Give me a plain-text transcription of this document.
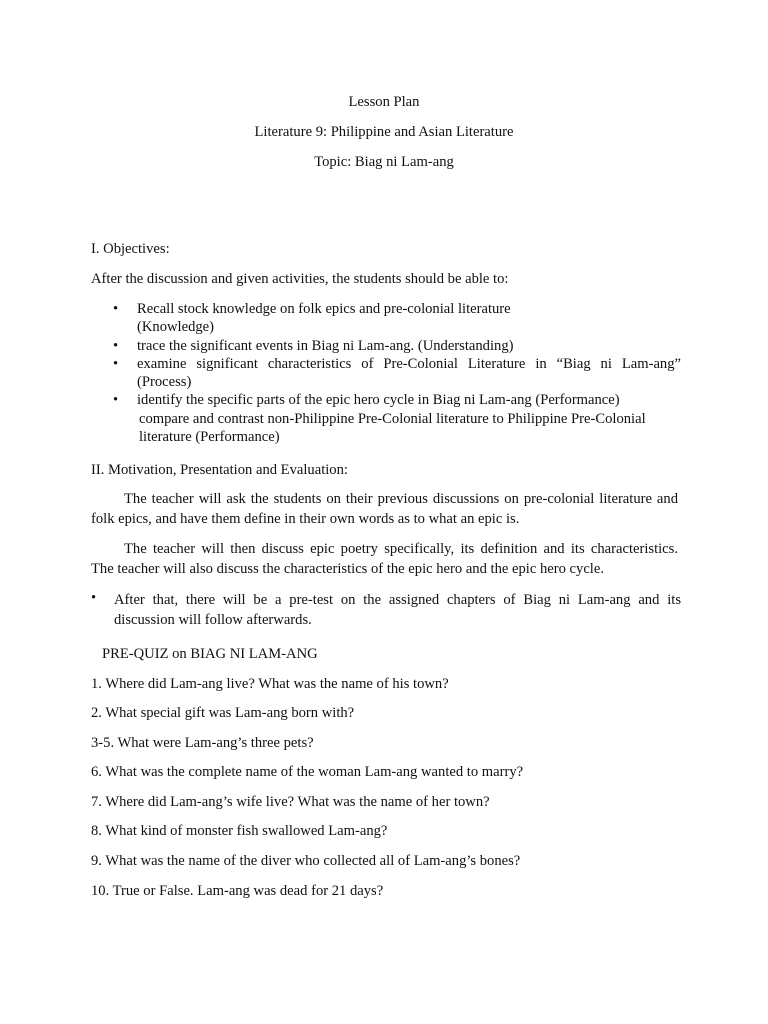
Lesson Plan
Literature 9: Philippine and Asian Literature
Topic: Biag ni Lam-ang
I. Objectives:
After the discussion and given activities, the students should be able to:
• Recall stock knowledge on folk epics and pre-colonial literature
(Knowledge)
• trace the significant events in Biag ni Lam-ang. (Understanding)
• examine significant characteristics of Pre-Colonial Literature in “Biag ni Lam-ang”
(Process)
• identify the specific parts of the epic hero cycle in Biag ni Lam-ang (Performance)
compare and contrast non-Philippine Pre-Colonial literature to Philippine Pre-Colonial
literature (Performance)
II. Motivation, Presentation and Evaluation:
The teacher will ask the students on their previous discussions on pre-colonial literature and
folk epics, and have them define in their own words as to what an epic is.
The teacher will then discuss epic poetry specifically, its definition and its characteristics.
The teacher will also discuss the characteristics of the epic hero and the epic hero cycle.
• After that, there will be a pre-test on the assigned chapters of Biag ni Lam-ang and its
discussion will follow afterwards.
PRE-QUIZ on BIAG NI LAM-ANG
1. Where did Lam-ang live? What was the name of his town?
2. What special gift was Lam-ang born with?
3-5. What were Lam-ang’s three pets?
6. What was the complete name of the woman Lam-ang wanted to marry?
7. Where did Lam-ang’s wife live? What was the name of her town?
8. What kind of monster fish swallowed Lam-ang?
9. What was the name of the diver who collected all of Lam-ang’s bones?
10. True or False. Lam-ang was dead for 21 days?
